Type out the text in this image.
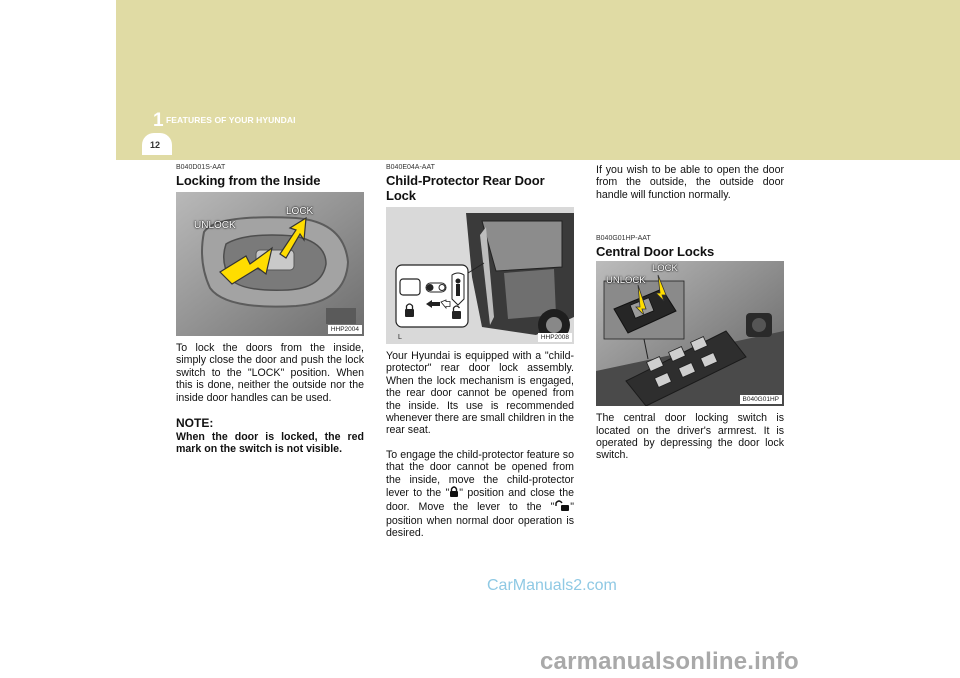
1 FEATURES OF YOUR HYUNDAI
12

B040D01S-AAT

Locking from the Inside

UNLOCK
LOCK
HHP2004

To lock the doors from the inside, simply close the door and push the lock switch to the "LOCK" position. When this is done, neither the outside nor the inside door handles can be used.

NOTE:

When the door is locked, the red mark on the switch is not visible.

B040E04A-AAT

Child-Protector Rear Door Lock

L	HHP2008

Your Hyundai is equipped with a "child-protector" rear door lock assembly. When the lock mechanism is engaged, the rear door cannot be opened from the inside. Its use is recommended whenever there are small children in the rear seat.

To engage the child-protector feature so that the door cannot be opened from the inside, move the child-protector lever to the " " position and close the door. Move the lever to the " " position when normal door operation is desired.

If you wish to be able to open the door from the outside, the outside door handle will function normally.

B040G01HP-AAT

Central Door Locks

UNLOCK
LOCK
B040G01HP

The central door locking switch is located on the driver's armrest. It is operated by depressing the door lock switch.

CarManuals2.com
carmanualsonline.info
